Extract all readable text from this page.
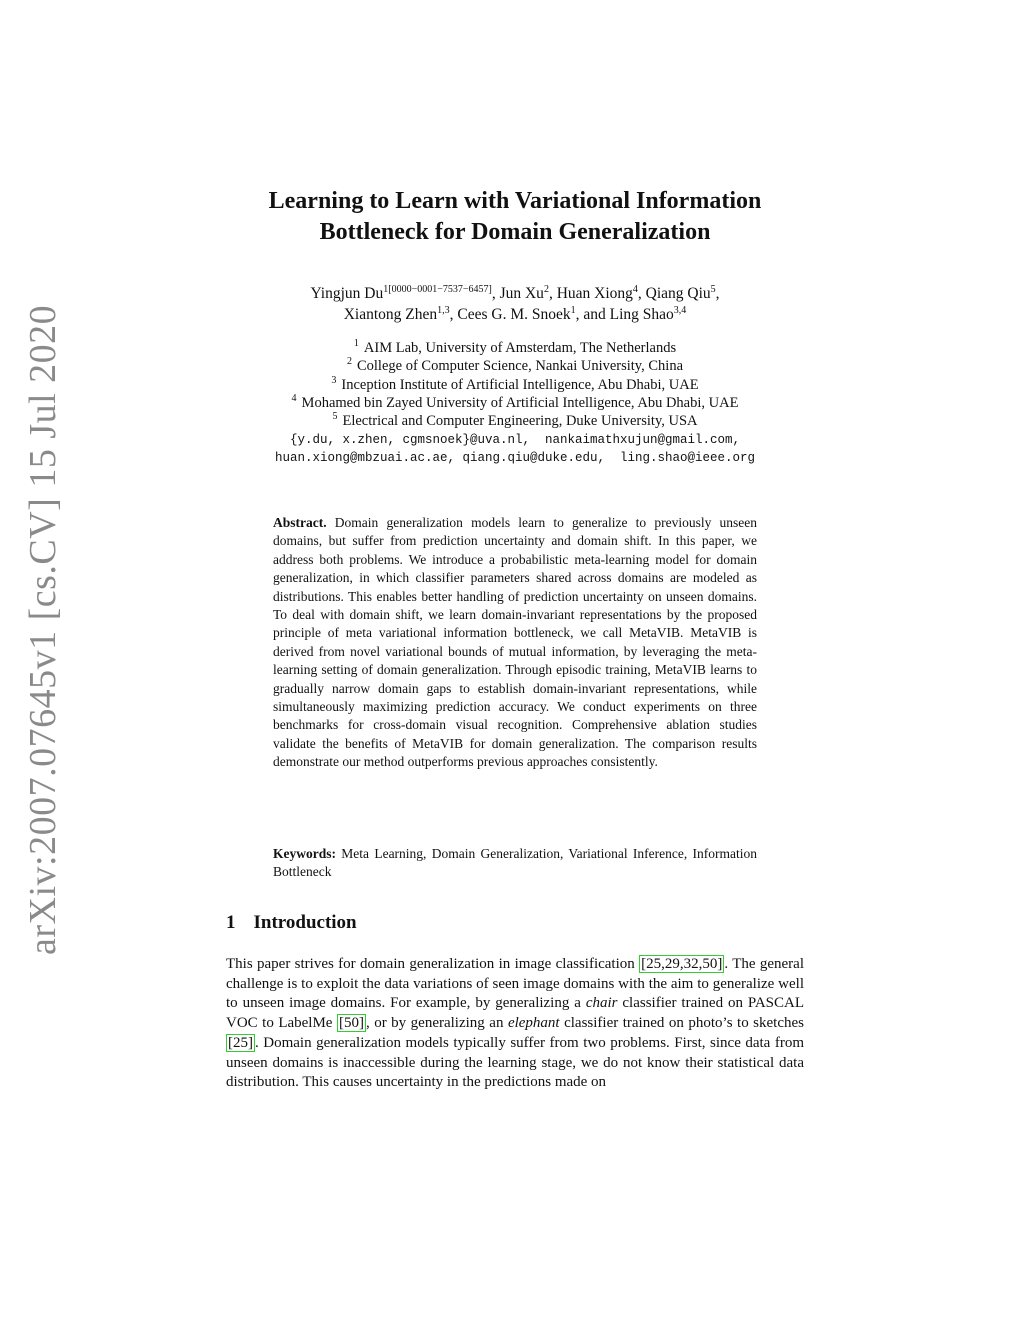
arXiv:2007.07645v1 [cs.CV] 15 Jul 2020
Learning to Learn with Variational Information
Bottleneck for Domain Generalization
Yingjun $Du^{1[0000-0001-7537-6457]}$, Jun Xu$^2$, Huan Xiong$^4$, Qiang Qiu$^5$,
Xiantong Zhen$^{1,3}$, Cees G. M. Snoek$^1$, and Ling Shao$^{3,4}$
$^1$ AIM Lab, University of Amsterdam, The Netherlands
$^2$ College of Computer Science, Nankai University, China
$^3$ Inception Institute of Artificial Intelligence, Abu Dhabi, UAE
$^4$ Mohamed bin Zayed University of Artificial Intelligence, Abu Dhabi, UAE
$^5$ Electrical and Computer Engineering, Duke University, USA
{y.du, x.zhen, cgmsnoek}@uva.nl,  nankaimathxujun@gmail.com,
huan.xiong@mbzuai.ac.ae, qiang.qiu@duke.edu,  ling.shao@ieee.org
Abstract. Domain generalization models learn to generalize to previously unseen domains, but suffer from prediction uncertainty and domain shift. In this paper, we address both problems. We introduce a probabilistic meta-learning model for domain generalization, in which classifier parameters shared across domains are modeled as distributions. This enables better handling of prediction uncertainty on unseen domains. To deal with domain shift, we learn domain-invariant representations by the proposed principle of meta variational information bottleneck, we call MetaVIB. MetaVIB is derived from novel variational bounds of mutual information, by leveraging the meta-learning setting of domain generalization. Through episodic training, MetaVIB learns to gradually narrow domain gaps to establish domain-invariant representations, while simultaneously maximizing prediction accuracy. We conduct experiments on three benchmarks for cross-domain visual recognition. Comprehensive ablation studies validate the benefits of MetaVIB for domain generalization. The comparison results demonstrate our method outperforms previous approaches consistently.
Keywords: Meta Learning, Domain Generalization, Variational Inference, Information Bottleneck
1 Introduction
This paper strives for domain generalization in image classification [25,29,32,50] . The general challenge is to exploit the data variations of seen image domains with the aim to generalize well to unseen image domains. For example, by generalizing a chair classifier trained on PASCAL VOC to LabelMe [50] , or by generalizing an elephant classifier trained on photo’s to sketches [25] . Domain generalization models typically suffer from two problems. First, since data from unseen domains is inaccessible during the learning stage, we do not know their statistical data distribution. This causes uncertainty in the predictions made on
